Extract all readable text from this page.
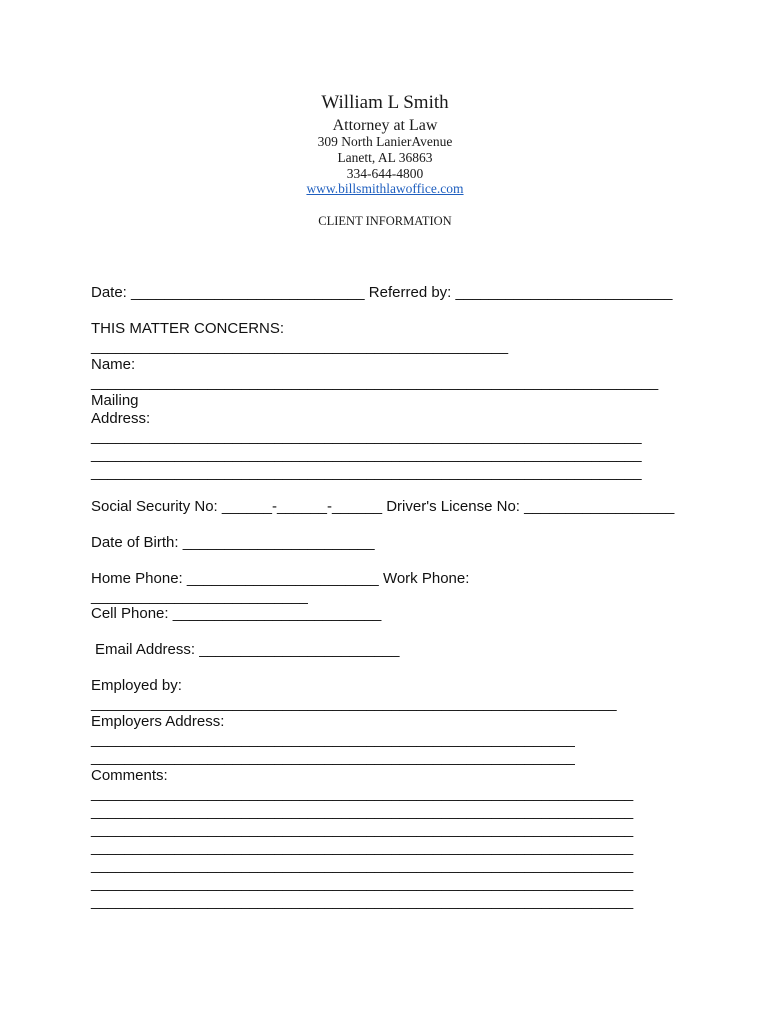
William L Smith
Attorney at Law
309 North LanierAvenue
Lanett, AL 36863
334-644-4800
www.billsmithlawoffice.com
CLIENT INFORMATION
Date: ____________________________ Referred by: __________________________
THIS MATTER CONCERNS:
__________________________________________________
Name:
____________________________________________________________________
Mailing
Address:
__________________________________________________________________
__________________________________________________________________
__________________________________________________________________
Social Security No: ______-______-______ Driver's License No: __________________
Date of Birth: _______________________
Home Phone: _______________________ Work Phone:
__________________________
Cell Phone: _________________________
Email Address: ________________________
Employed by:
_______________________________________________________________
Employers Address:
__________________________________________________________
__________________________________________________________
Comments:
_________________________________________________________________
_________________________________________________________________
_________________________________________________________________
_________________________________________________________________
_________________________________________________________________
_________________________________________________________________
_________________________________________________________________
